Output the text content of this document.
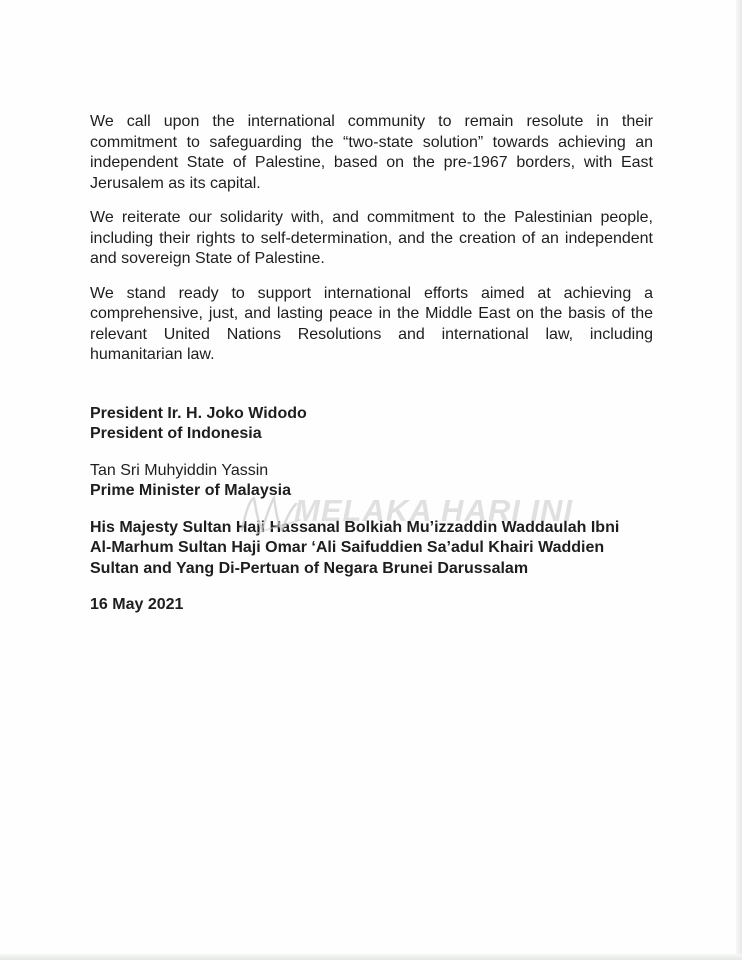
We call upon the international community to remain resolute in their commitment to safeguarding the “two-state solution” towards achieving an independent State of Palestine, based on the pre-1967 borders, with East Jerusalem as its capital.

We reiterate our solidarity with, and commitment to the Palestinian people, including their rights to self-determination, and the creation of an independent and sovereign State of Palestine.

We stand ready to support international efforts aimed at achieving a comprehensive, just, and lasting peace in the Middle East on the basis of the relevant United Nations Resolutions and international law, including humanitarian law.

President Ir. H. Joko Widodo
President of Indonesia
Tan Sri Muhyiddin Yassin
Prime Minister of Malaysia
His Majesty Sultan Haji Hassanal Bolkiah Mu’izzaddin Waddaulah Ibni
Al-Marhum Sultan Haji Omar ‘Ali Saifuddien Sa’adul Khairi Waddien
Sultan and Yang Di-Pertuan of Negara Brunei Darussalam
16 May 2021
MELAKA HARI INI
